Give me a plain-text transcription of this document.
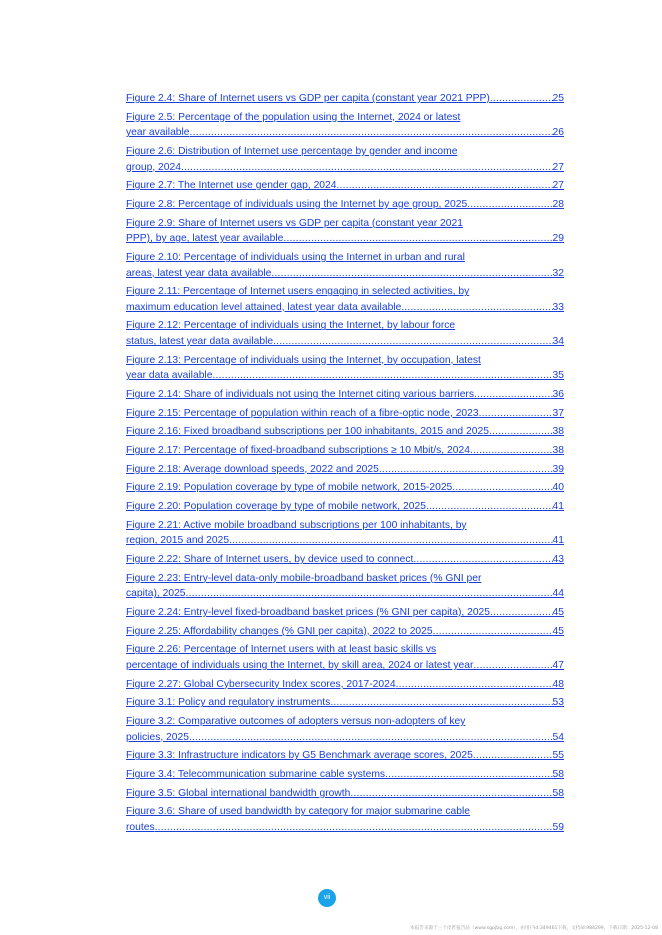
Figure 2.4: Share of Internet users vs GDP per capita (constant year 2021 PPP) .....	25
Figure 2.5: Percentage of the population using the Internet, 2024 or latest
year available .....	26
Figure 2.6: Distribution of Internet use percentage by gender and income
group, 2024 .....	27
Figure 2.7: The Internet use gender gap, 2024 .....	27
Figure 2.8: Percentage of individuals using the Internet by age group, 2025 .....	28
Figure 2.9: Share of Internet users vs GDP per capita (constant year 2021
PPP), by age, latest year available .....	29
Figure 2.10: Percentage of individuals using the Internet in urban and rural
areas, latest year data available .....	32
Figure 2.11: Percentage of Internet users engaging in selected activities, by
maximum education level attained, latest year data available .....	33
Figure 2.12: Percentage of individuals using the Internet, by labour force
status, latest year data available .....	34
Figure 2.13: Percentage of individuals using the Internet, by occupation, latest
year data available .....	35
Figure 2.14: Share of individuals not using the Internet citing various barriers .....	36
Figure 2.15: Percentage of population within reach of a fibre-optic node, 2023 .....	37
Figure 2.16: Fixed broadband subscriptions per 100 inhabitants, 2015 and 2025 .....	38
Figure 2.17: Percentage of fixed-broadband subscriptions ≥ 10 Mbit/s, 2024 .....	38
Figure 2.18: Average download speeds, 2022 and 2025 .....	39
Figure 2.19: Population coverage by type of mobile network, 2015-2025 .....	40
Figure 2.20: Population coverage by type of mobile network, 2025 .....	41
Figure 2.21: Active mobile broadband subscriptions per 100 inhabitants, by
region, 2015 and 2025 .....	41
Figure 2.22: Share of Internet users, by device used to connect .....	43
Figure 2.23: Entry-level data-only mobile-broadband basket prices (% GNI per
capita), 2025 .....	44
Figure 2.24: Entry-level fixed-broadband basket prices (% GNI per capita), 2025 .....	45
Figure 2.25: Affordability changes (% GNI per capita), 2022 to 2025 .....	45
Figure 2.26: Percentage of Internet users with at least basic skills vs
percentage of individuals using the Internet, by skill area, 2024 or latest year .....	47
Figure 2.27: Global Cybersecurity Index scores, 2017-2024 .....	48
Figure 3.1: Policy and regulatory instruments .....	53
Figure 3.2: Comparative outcomes of adopters versus non-adopters of key
policies, 2025 .....	54
Figure 3.3: Infrastructure indicators by G5 Benchmark average scores, 2025 .....	55
Figure 3.4: Telecommunication submarine cable systems .....	58
Figure 3.5: Global international bandwidth growth .....	58
Figure 3.6: Share of used bandwidth by category for major submarine cable
routes .....	59
vii
本报告来源于三个皮匠报告站（www.sgpjbg.com），由用户Id:349461下载，文档Id:984299，下载日期：2025-12-08
